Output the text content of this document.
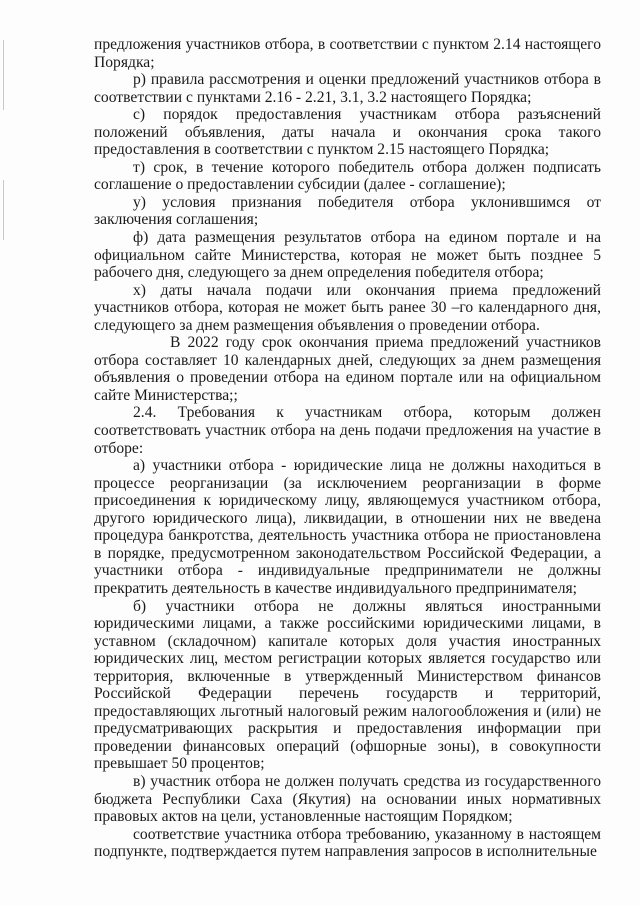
предложения участников отбора, в соответствии с пунктом 2.14 настоящего Порядка;

р) правила рассмотрения и оценки предложений участников отбора в соответствии с пунктами 2.16 - 2.21, 3.1, 3.2 настоящего Порядка;

с) порядок предоставления участникам отбора разъяснений положений объявления, даты начала и окончания срока такого предоставления в соответствии с пунктом 2.15 настоящего Порядка;

т) срок, в течение которого победитель отбора должен подписать соглашение о предоставлении субсидии (далее - соглашение);

у) условия признания победителя отбора уклонившимся от заключения соглашения;

ф) дата размещения результатов отбора на едином портале и на официальном сайте Министерства, которая не может быть позднее 5 рабочего дня, следующего за днем определения победителя отбора;

х) даты начала подачи или окончания приема предложений участников отбора, которая не может быть ранее 30 –го календарного дня, следующего за днем размещения объявления о проведении отбора.

В 2022 году срок окончания приема предложений участников отбора составляет 10 календарных дней, следующих за днем размещения объявления о проведении отбора на едином портале или на официальном сайте Министерства;;

2.4. Требования к участникам отбора, которым должен соответствовать участник отбора на день подачи предложения на участие в отборе:

а) участники отбора - юридические лица не должны находиться в процессе реорганизации (за исключением реорганизации в форме присоединения к юридическому лицу, являющемуся участником отбора, другого юридического лица), ликвидации, в отношении них не введена процедура банкротства, деятельность участника отбора не приостановлена в порядке, предусмотренном законодательством Российской Федерации, а участники отбора - индивидуальные предприниматели не должны прекратить деятельность в качестве индивидуального предпринимателя;

б) участники отбора не должны являться иностранными юридическими лицами, а также российскими юридическими лицами, в уставном (складочном) капитале которых доля участия иностранных юридических лиц, местом регистрации которых является государство или территория, включенные в утвержденный Министерством финансов Российской Федерации перечень государств и территорий, предоставляющих льготный налоговый режим налогообложения и (или) не предусматривающих раскрытия и предоставления информации при проведении финансовых операций (офшорные зоны), в совокупности превышает 50 процентов;

в) участник отбора не должен получать средства из государственного бюджета Республики Саха (Якутия) на основании иных нормативных правовых актов на цели, установленные настоящим Порядком;

соответствие участника отбора требованию, указанному в настоящем подпункте, подтверждается путем направления запросов в исполнительные
